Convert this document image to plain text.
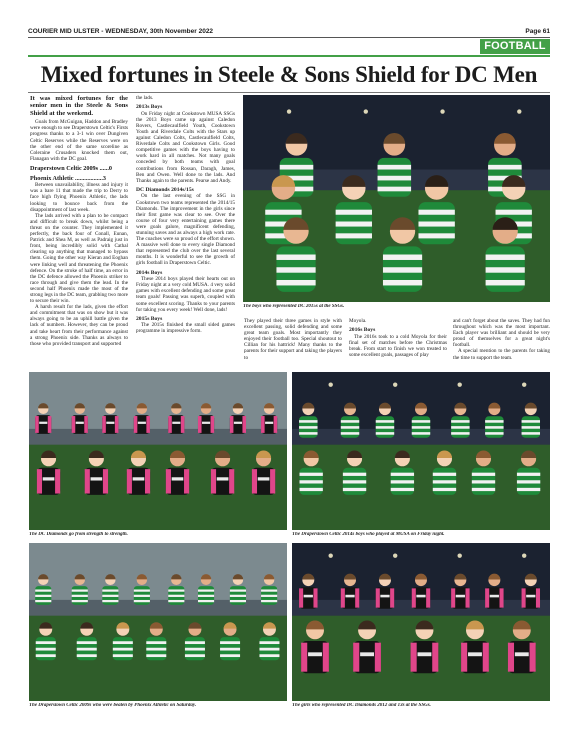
COURIER MID ULSTER - WEDNESDAY, 30th November 2022	Page 61
FOOTBALL
Mixed fortunes in Steele & Sons Shield for DC Men

It was mixed fortunes for the senior men in the Steele & Sons Shield at the weekend.

Goals from McGuigan, Haddon and Bradley were enough to see Draperstown Celtic's Firsts progress thanks to a 3-1 win over Dungiven Celtic Reserves while the Reserves were on the other end of the same scoreline as Coleraine Crusaders knocked them out, Flanagan with the DC goal.

Draperstown Celtic 2009s ......0

Phoenix Athletic ..................3

Between unavailability, illness and injury it was a bare 11 that made the trip to Derry to face high flying Phoenix Athletic, the lads looking to bounce back from the disappointment of last week.

The lads arrived with a plan to be compact and difficult to break down, whilst being a threat on the counter. They implemented it perfectly, the back four of Conall, Eunan, Patrick and Shea M, as well as Padraig just in front, being incredibly solid with Cathal clearing up anything that managed to bypass them. Going the other way Kieran and Eoghan were linking well and threatening the Phoenix defence. On the stroke of half time, an error in the DC defence allowed the Phoenix striker to race through and give them the lead. In the second half Phoenix made the most of the strong legs in the DC team, grabbing two more to secure their win.

A harsh result for the lads, given the effort and commitment that was on show but it was always going to be an uphill battle given the lack of numbers. However, they can be proud and take heart from their performance against a strong Phoenix side. Thanks as always to those who provided transport and supported

the lads.

2013s Boys

On Friday night at Cookstown MUSA SSGs the 2013 Boys came up against Caledon Rovers, Castlecaulfield Youth, Cookstown Youth and Riverdale Colts with the Stars up against Caledon Colts, Castlecaulfield Colts, Riverdale Colts and Cookstown Girls. Good competitive games with the boys having to work hard in all matches. Not many goals conceded by both teams with goal contributions from Rossan, Daragh, James, Ben and Owen. Well done to the lads. And Thanks again to the parents. Pearse and Andy.

DC Diamonds 2014s/15s

On the last evening of the SSG in Cookstown two teams represented the 2014/15 Diamonds. The improvement in the girls since their first game was clear to see. Over the course of four very entertaining games there were goals galore, magnificent defending, stunning saves and as always a high work rate. The coaches were so proud of the effort shown. A massive well done to every single Diamond that represented the club over the last several months. It is wonderful to see the growth of girls football in Draperstown Celtic.

2014s Boys

These 2014 boys played their hearts out on Friday night at a very cold MUSA. 4 very solid games with excellent defending and some great team goals! Passing was superb, coupled with some excellent scoring. Thanks to your parents for taking you every week! Well done, lads!

2015s Boys

The 2015s finished the small sided games programme in impressive form.

They played their three games in style with excellent passing, solid defending and some great team goals. Most importantly they enjoyed their football too. Special shoutout to Cillian for his hattrick! Many thanks to the parents for their support and taking the players to

Moyola.

2016s Boys

The 2016s took to a cold Moyola for their final set of matches before the Christmas break. From start to finish we won treated to some excellent goals, passages of play

and can't forget about the saves. They had fun throughout which was the most important. Each player was brilliant and should be very proud of themselves for a great night's football.

A special mention to the parents for taking the time to support the team.

The boys who represented DC 2015s at the SSGs.
The DC Diamonds go from strength to strength.	The Draperstown Celtic 2014s boys who played at MUSA on Friday night.
The Draperstown Celtic 2009s who were beaten by Phoenix Athletic on Saturday.	The girls who represented DC Diamonds 2012 and 13s at the SSGs.
